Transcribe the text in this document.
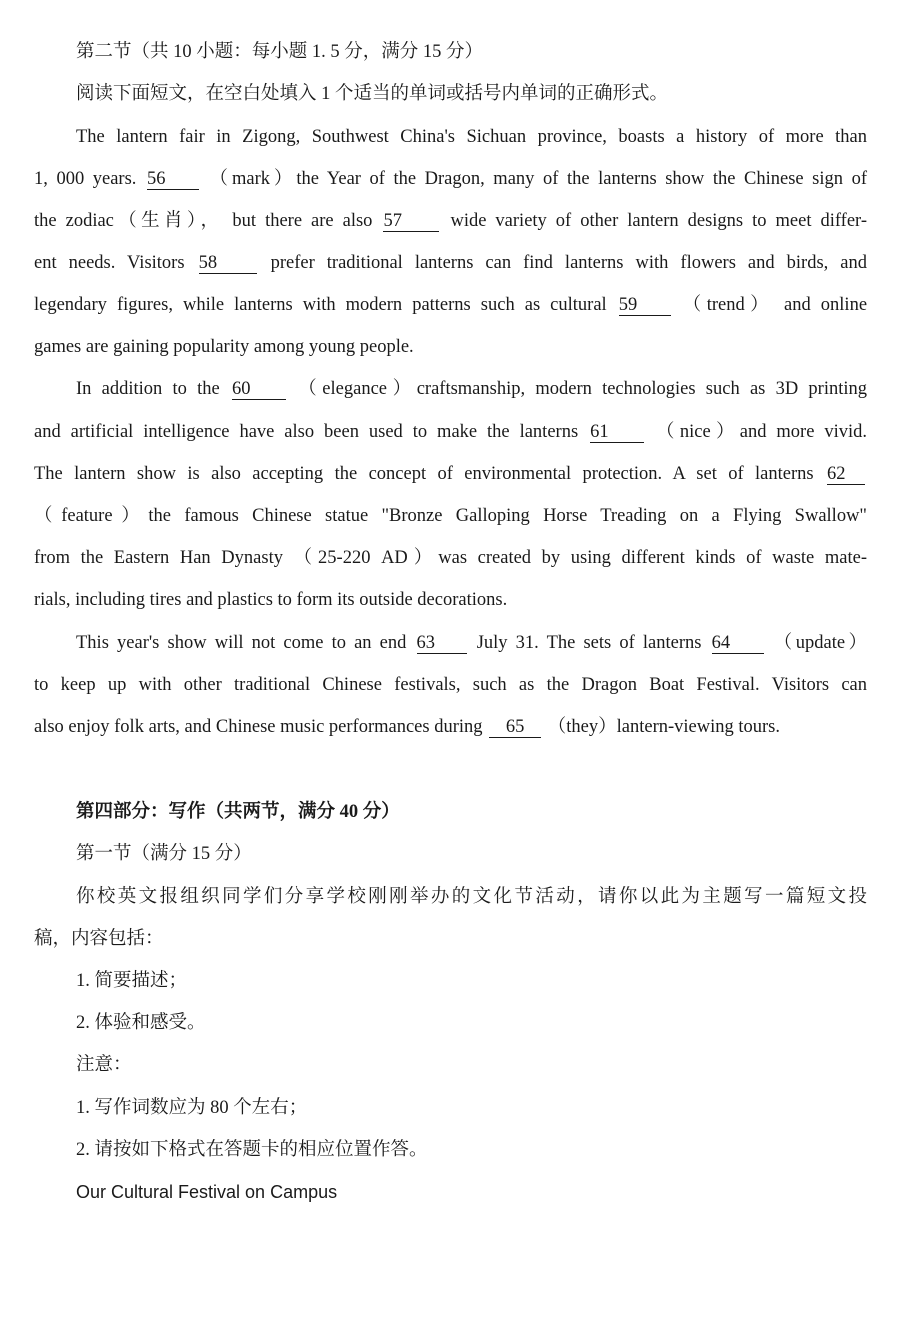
第二节（共 10 小题：每小题 1. 5 分，满分 15 分）
阅读下面短文，在空白处填入 1 个适当的单词或括号内单词的正确形式。
The lantern fair in Zigong, Southwest China's Sichuan province, boasts a history of more than
1, 000 years. 56 （mark）the Year of the Dragon, many of the lanterns show the Chinese sign of
the zodiac（生肖）， but there are also 57	wide variety of other lantern designs to meet differ-
ent needs. Visitors 58	prefer traditional lanterns can find lanterns with flowers and birds, and
legendary figures, while lanterns with modern patterns such as cultural 59 （trend） and online
games are gaining popularity among young people.
In addition to the 60	（elegance）craftsmanship, modern technologies such as 3D printing
and artificial intelligence have also been used to make the lanterns 61	（nice）and more vivid.
The lantern show is also accepting the concept of environmental protection. A set of lanterns 62
（feature）the famous Chinese statue "Bronze Galloping Horse Treading on a Flying Swallow"
from the Eastern Han Dynasty （25-220 AD）was created by using different kinds of waste mate-
rials, including tires and plastics to form its outside decorations.
This year's show will not come to an end 63 July 31. The sets of lanterns 64 （update）
to keep up with other traditional Chinese festivals, such as the Dragon Boat Festival. Visitors can
also enjoy folk arts, and Chinese music performances during 65 （they）lantern-viewing tours.
第四部分：写作（共两节，满分 40 分）
第一节（满分 15 分）
你校英文报组织同学们分享学校刚刚举办的文化节活动，请你以此为主题写一篇短文投
稿，内容包括：
1. 简要描述；
2. 体验和感受。
注意：
1. 写作词数应为 80 个左右；
2. 请按如下格式在答题卡的相应位置作答。
Our Cultural Festival on Campus
